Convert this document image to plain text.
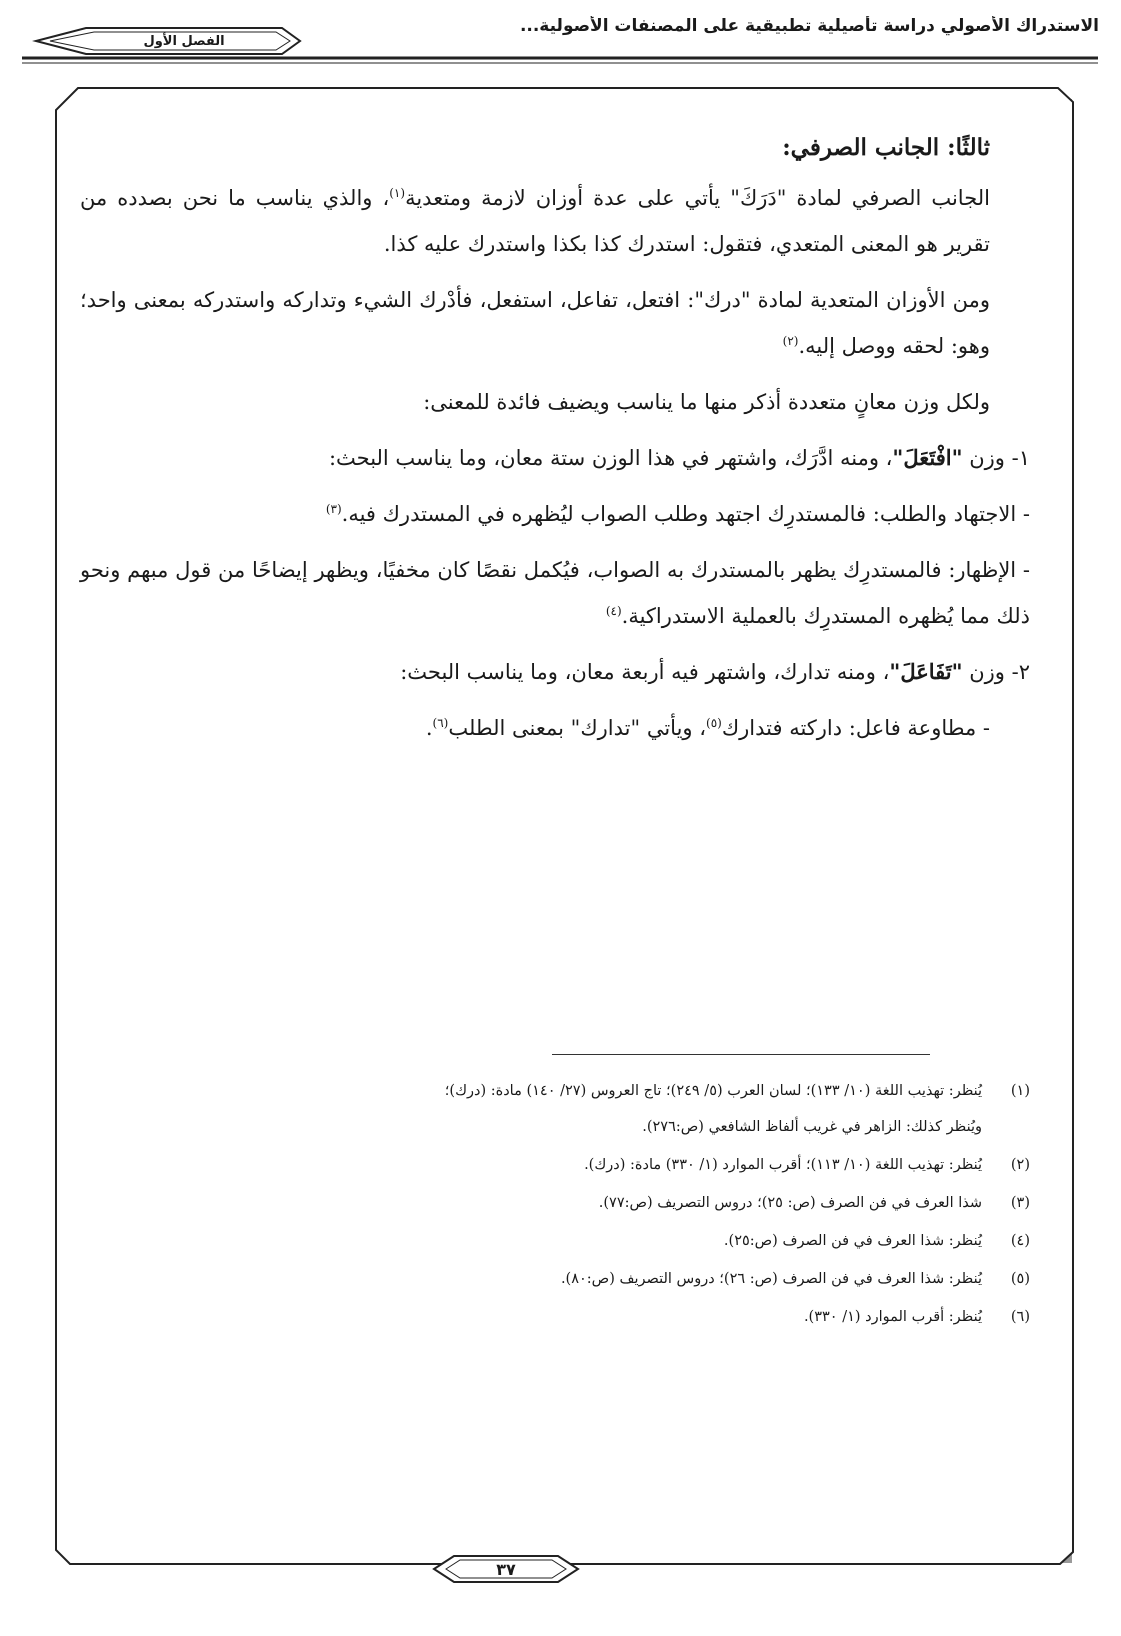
الاستدراك الأصولي دراسة تأصيلية تطبيقية على المصنفات الأصولية...
الفصل الأول

ثالثًا: الجانب الصرفي:

الجانب الصرفي لمادة "دَرَكَ" يأتي على عدة أوزان لازمة ومتعدية$^{(١)}$، والذي يناسب ما نحن بصدده من تقرير هو المعنى المتعدي، فتقول: استدرك كذا بكذا واستدرك عليه كذا.

ومن الأوزان المتعدية لمادة "درك": افتعل، تفاعل، استفعل، فأدْرك الشيء وتداركه واستدركه بمعنى واحد؛ وهو: لحقه ووصل إليه.$^{(٢)}$

ولكل وزن معانٍ متعددة أذكر منها ما يناسب ويضيف فائدة للمعنى:

١- وزن "افْتَعَلَ"، ومنه ادَّرَك، واشتهر في هذا الوزن ستة معان، وما يناسب البحث:

- الاجتهاد والطلب: فالمستدرِك اجتهد وطلب الصواب ليُظهره في المستدرك فيه.$^{(٣)}$

- الإظهار: فالمستدرِك يظهر بالمستدرك به الصواب، فيُكمل نقصًا كان مخفيًا، ويظهر إيضاحًا من قول مبهم ونحو ذلك مما يُظهره المستدرِك بالعملية الاستدراكية.$^{(٤)}$

٢- وزن "تَفَاعَلَ"، ومنه تدارك، واشتهر فيه أربعة معان، وما يناسب البحث:

- مطاوعة فاعل: داركته فتدارك$^{(٥)}$، ويأتي "تدارك" بمعنى الطلب$^{(٦)}$.

(١)يُنظر: تهذيب اللغة (١٠/ ١٣٣)؛ لسان العرب (٥/ ٢٤٩)؛ تاج العروس (٢٧/ ١٤٠) مادة: (درك)؛
ويُنظر كذلك: الزاهر في غريب ألفاظ الشافعي (ص:٢٧٦).
(٢)يُنظر: تهذيب اللغة (١٠/ ١١٣)؛ أقرب الموارد (١/ ٣٣٠) مادة: (درك).
(٣)شذا العرف في فن الصرف (ص: ٢٥)؛ دروس التصريف (ص:٧٧).
(٤)يُنظر: شذا العرف في فن الصرف (ص:٢٥).
(٥)يُنظر: شذا العرف في فن الصرف (ص: ٢٦)؛ دروس التصريف (ص:٨٠).
(٦)يُنظر: أقرب الموارد (١/ ٣٣٠).
٣٧
